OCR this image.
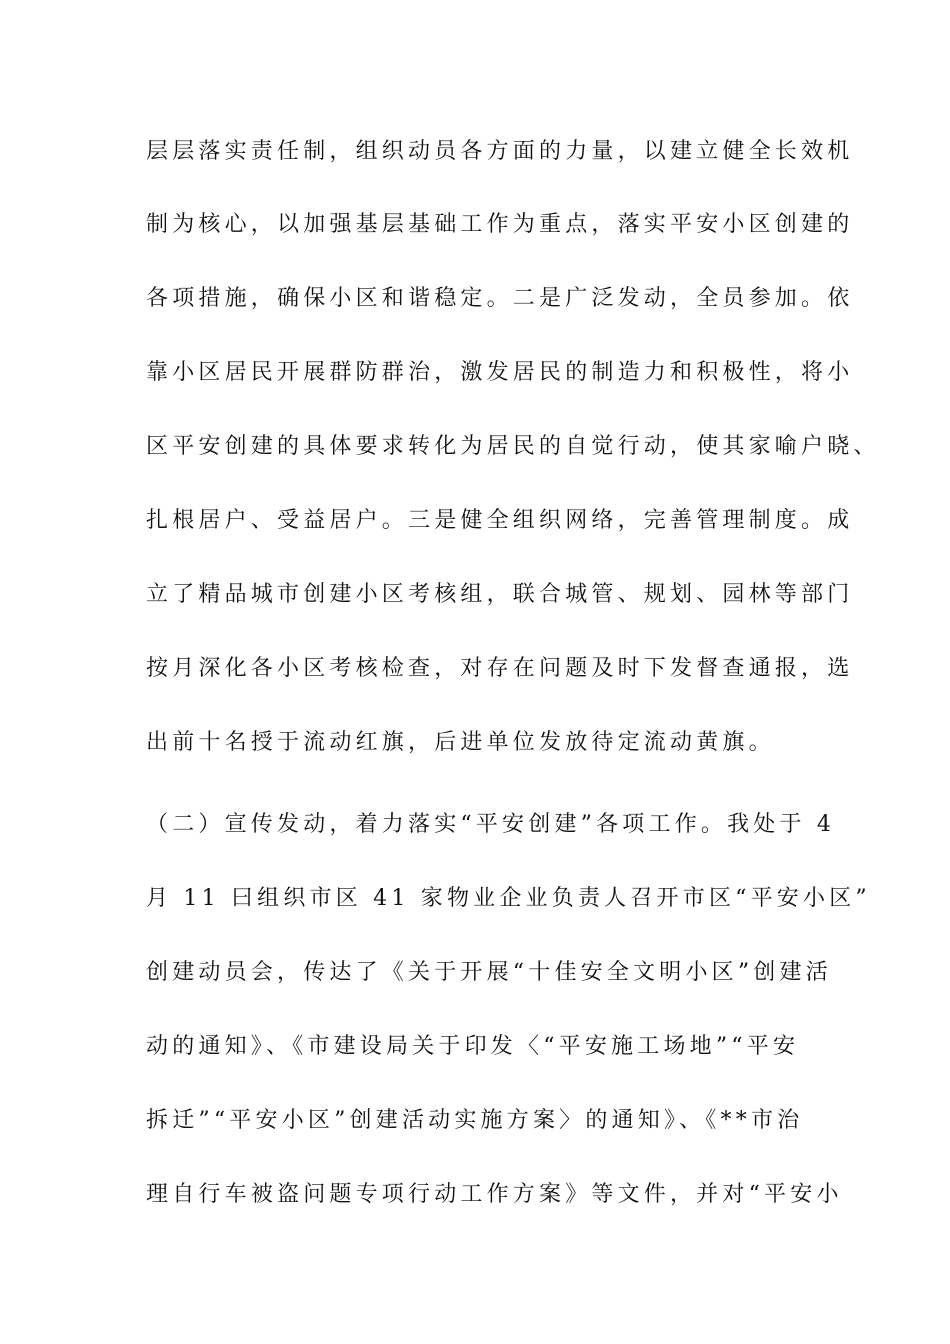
层层落实责任制，组织动员各方面的力量，以建立健全长效机
制为核心，以加强基层基础工作为重点，落实平安小区创建的
各项措施，确保小区和谐稳定。二是广泛发动，全员参加。依
靠小区居民开展群防群治，激发居民的制造力和积极性，将小
区平安创建的具体要求转化为居民的自觉行动，使其家喻户晓、
扎根居户、受益居户。三是健全组织网络，完善管理制度。成
立了精品城市创建小区考核组，联合城管、规划、园林等部门
按月深化各小区考核检查，对存在问题及时下发督查通报，选
出前十名授于流动红旗，后进单位发放待定流动黄旗。
（二）宣传发动，着力落实“平安创建”各项工作。我处于 4
月 11 曰组织市区 41 家物业企业负责人召开市区“平安小区”
创建动员会，传达了《关于开展“十佳安全文明小区”创建活
动的通知》、《市建设局关于印发〈“平安施工场地”“平安
拆迁”“平安小区”创建活动实施方案〉的通知》、《**市治
理自行车被盗问题专项行动工作方案》等文件，并对“平安小
